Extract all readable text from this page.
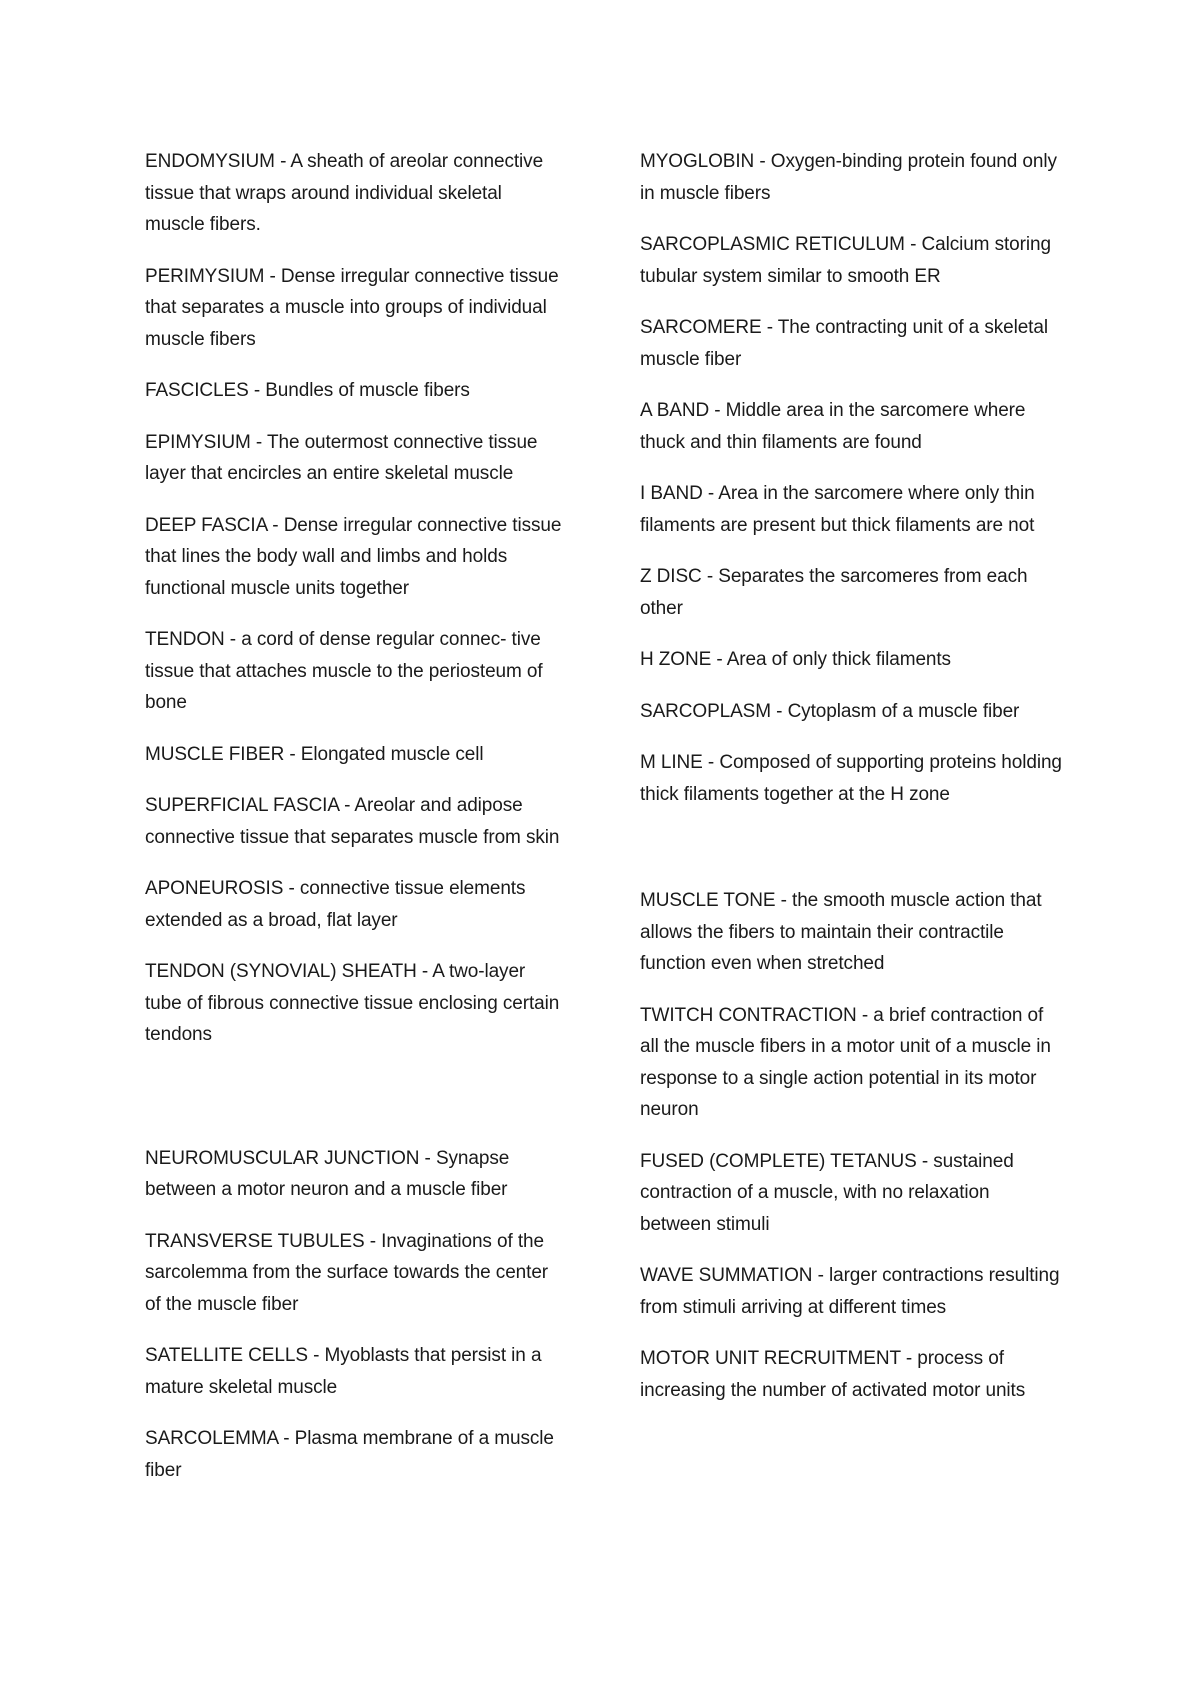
ENDOMYSIUM - A sheath of areolar connective tissue that wraps around individual skeletal muscle fibers.

PERIMYSIUM - Dense irregular connective tissue that separates a muscle into groups of individual muscle fibers

FASCICLES - Bundles of muscle fibers

EPIMYSIUM - The outermost connective tissue layer that encircles an entire skeletal muscle

DEEP FASCIA - Dense irregular connective tissue that lines the body wall and limbs and holds functional muscle units together

TENDON - a cord of dense regular connec- tive tissue that attaches muscle to the periosteum of bone

MUSCLE FIBER - Elongated muscle cell

SUPERFICIAL FASCIA - Areolar and adipose connective tissue that separates muscle from skin

APONEUROSIS - connective tissue elements extended as a broad, flat layer

TENDON (SYNOVIAL) SHEATH - A two-layer tube of fibrous connective tissue enclosing certain tendons

NEUROMUSCULAR JUNCTION - Synapse between a motor neuron and a muscle fiber

TRANSVERSE TUBULES - Invaginations of the sarcolemma from the surface towards the center of the muscle fiber

SATELLITE CELLS - Myoblasts that persist in a mature skeletal muscle

SARCOLEMMA - Plasma membrane of a muscle fiber

MYOGLOBIN - Oxygen-binding protein found only in muscle fibers

SARCOPLASMIC RETICULUM - Calcium storing tubular system similar to smooth ER

SARCOMERE - The contracting unit of a skeletal muscle fiber

A BAND - Middle area in the sarcomere where thuck and thin filaments are found

I BAND - Area in the sarcomere where only thin filaments are present but thick filaments are not

Z DISC - Separates the sarcomeres from each other

H ZONE - Area of only thick filaments

SARCOPLASM - Cytoplasm of a muscle fiber

M LINE - Composed of supporting proteins holding thick filaments together at the H zone

MUSCLE TONE - the smooth muscle action that allows the fibers to maintain their contractile function even when stretched

TWITCH CONTRACTION - a brief contraction of all the muscle fibers in a motor unit of a muscle in response to a single action potential in its motor neuron

FUSED (COMPLETE) TETANUS - sustained contraction of a muscle, with no relaxation between stimuli

WAVE SUMMATION - larger contractions resulting from stimuli arriving at different times

MOTOR UNIT RECRUITMENT - process of increasing the number of activated motor units
